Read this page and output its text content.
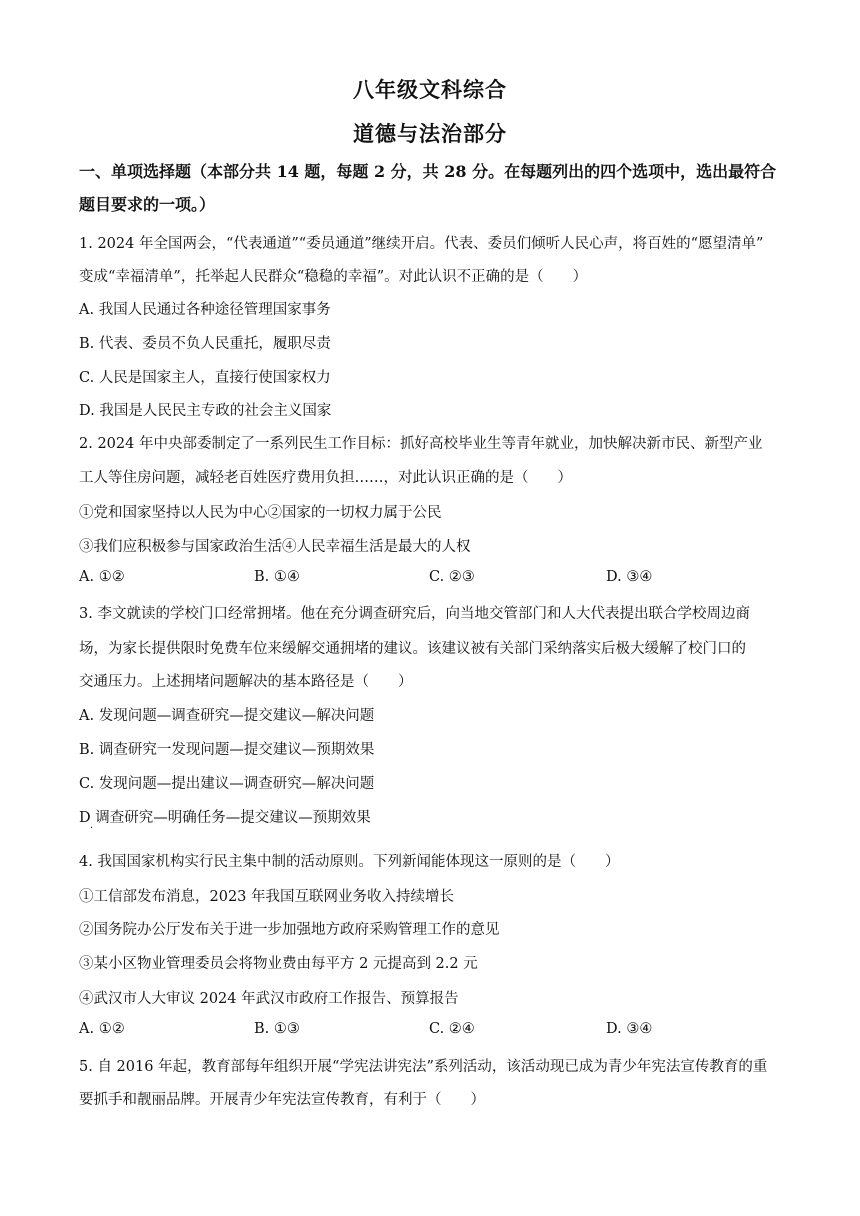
八年级文科综合
道德与法治部分
一、单项选择题（本部分共 14 题，每题 2 分，共 28 分。在每题列出的四个选项中，选出最符合题目要求的一项。）
1. 2024 年全国两会，“代表通道”“委员通道”继续开启。代表、委员们倾听人民心声，将百姓的“愿望清单”
变成“幸福清单”，托举起人民群众“稳稳的幸福”。对此认识不正确的是（　　）
A. 我国人民通过各种途径管理国家事务
B. 代表、委员不负人民重托，履职尽责
C. 人民是国家主人，直接行使国家权力
D. 我国是人民民主专政的社会主义国家
2. 2024 年中央部委制定了一系列民生工作目标：抓好高校毕业生等青年就业，加快解决新市民、新型产业
工人等住房问题，减轻老百姓医疗费用负担……，对此认识正确的是（　　）
①党和国家坚持以人民为中心②国家的一切权力属于公民
③我们应积极参与国家政治生活④人民幸福生活是最大的人权
A. ①②	B. ①④	C. ②③	D. ③④
3. 李文就读的学校门口经常拥堵。他在充分调查研究后，向当地交管部门和人大代表提出联合学校周边商
场，为家长提供限时免费车位来缓解交通拥堵的建议。该建议被有关部门采纳落实后极大缓解了校门口的
交通压力。上述拥堵问题解决的基本路径是（　　）
A. 发现问题—调查研究—提交建议—解决问题
B. 调查研究一发现问题—提交建议—预期效果
C. 发现问题—提出建议—调查研究—解决问题
D 调查研究—明确任务—提交建议—预期效果
·
4. 我国国家机构实行民主集中制的活动原则。下列新闻能体现这一原则的是（　　）
①工信部发布消息，2023 年我国互联网业务收入持续增长
②国务院办公厅发布关于进一步加强地方政府采购管理工作的意见
③某小区物业管理委员会将物业费由每平方 2 元提高到 2.2 元
④武汉市人大审议 2024 年武汉市政府工作报告、预算报告
A. ①②	B. ①③	C. ②④	D. ③④
5. 自 2016 年起，教育部每年组织开展“学宪法讲宪法”系列活动，该活动现已成为青少年宪法宣传教育的重
要抓手和靓丽品牌。开展青少年宪法宣传教育，有利于（　　）
